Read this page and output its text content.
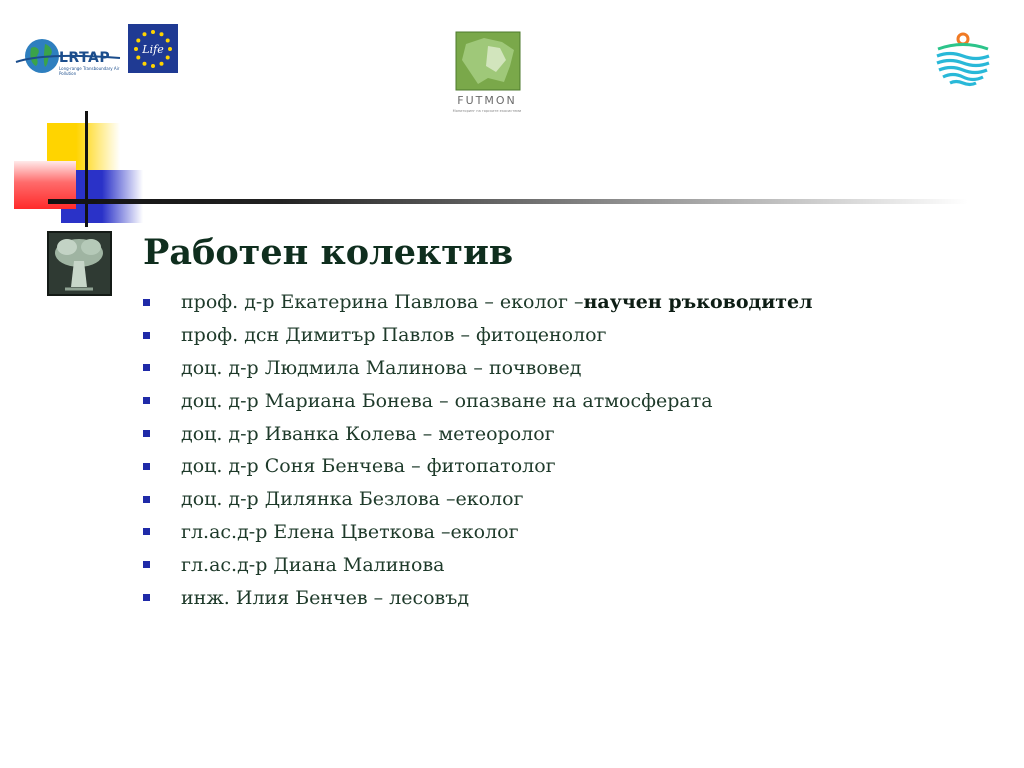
LRTAP
Long-range Transboundary Air Pollution
Life
FUTMON
Мониторинг на горските екосистеми
Работен колектив
проф. д-р Екатерина Павлова – еколог – научен ръководител
проф. дсн Димитър Павлов – фитоценолог
доц. д-р Людмила Малинова – почвовед
доц. д-р Мариана Бонева – опазване на атмосферата
доц. д-р Иванка Колева – метеоролог
доц. д-р Соня Бенчева – фитопатолог
доц. д-р Дилянка Безлова –еколог
гл.ас.д-р Елена Цветкова –еколог
гл.ас.д-р Диана Малинова
инж. Илия Бенчев – лесовъд
